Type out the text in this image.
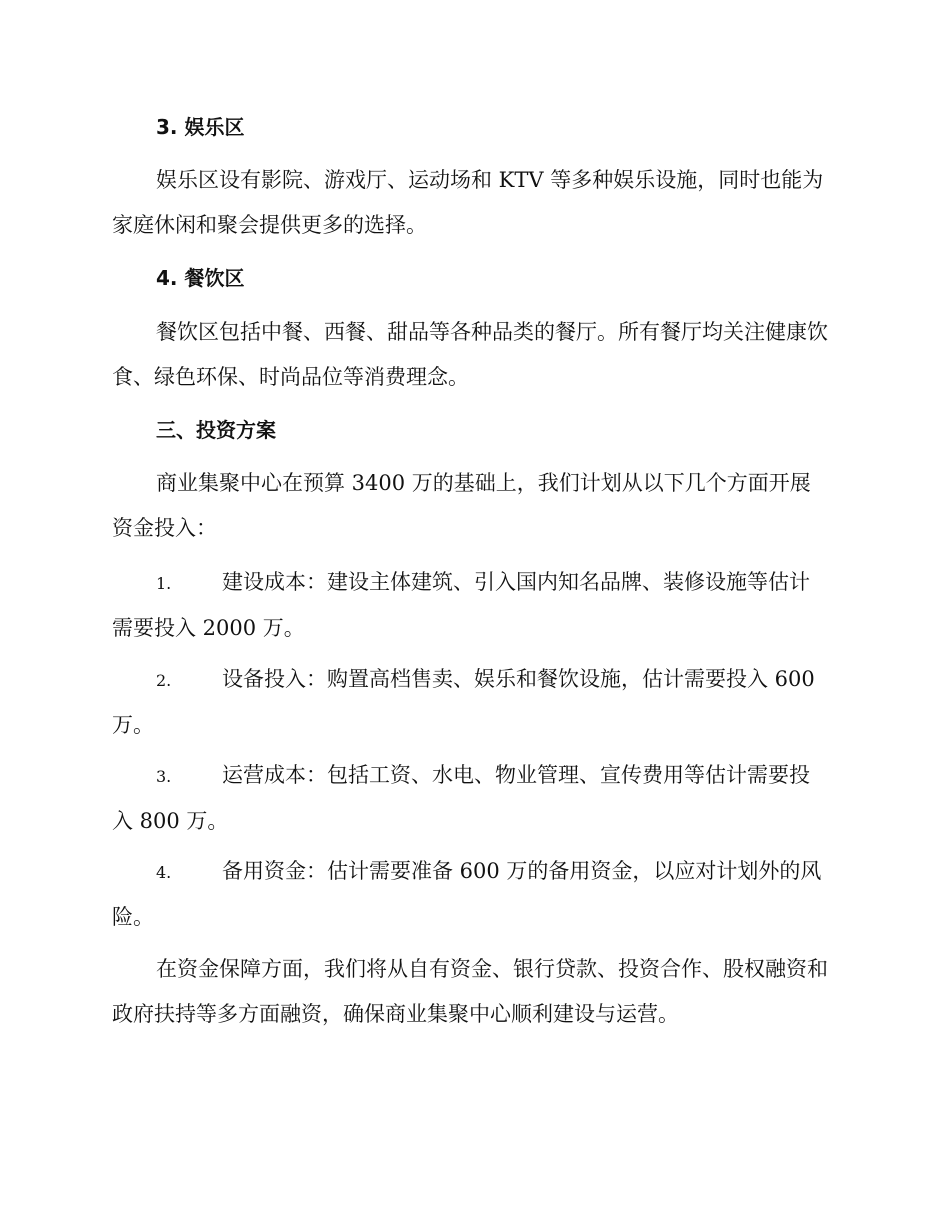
3. 娱乐区

娱乐区设有影院、游戏厅、运动场和 KTV 等多种娱乐设施，同时也能为家庭休闲和聚会提供更多的选择。

4. 餐饮区

餐饮区包括中餐、西餐、甜品等各种品类的餐厅。所有餐厅均关注健康饮食、绿色环保、时尚品位等消费理念。

三、投资方案

商业集聚中心在预算 3400 万的基础上，我们计划从以下几个方面开展资金投入：

1. 建设成本：建设主体建筑、引入国内知名品牌、装修设施等估计需要投入 2000 万。

2. 设备投入：购置高档售卖、娱乐和餐饮设施，估计需要投入 600 万。

3. 运营成本：包括工资、水电、物业管理、宣传费用等估计需要投入 800 万。

4. 备用资金：估计需要准备 600 万的备用资金，以应对计划外的风险。

在资金保障方面，我们将从自有资金、银行贷款、投资合作、股权融资和政府扶持等多方面融资，确保商业集聚中心顺利建设与运营。
